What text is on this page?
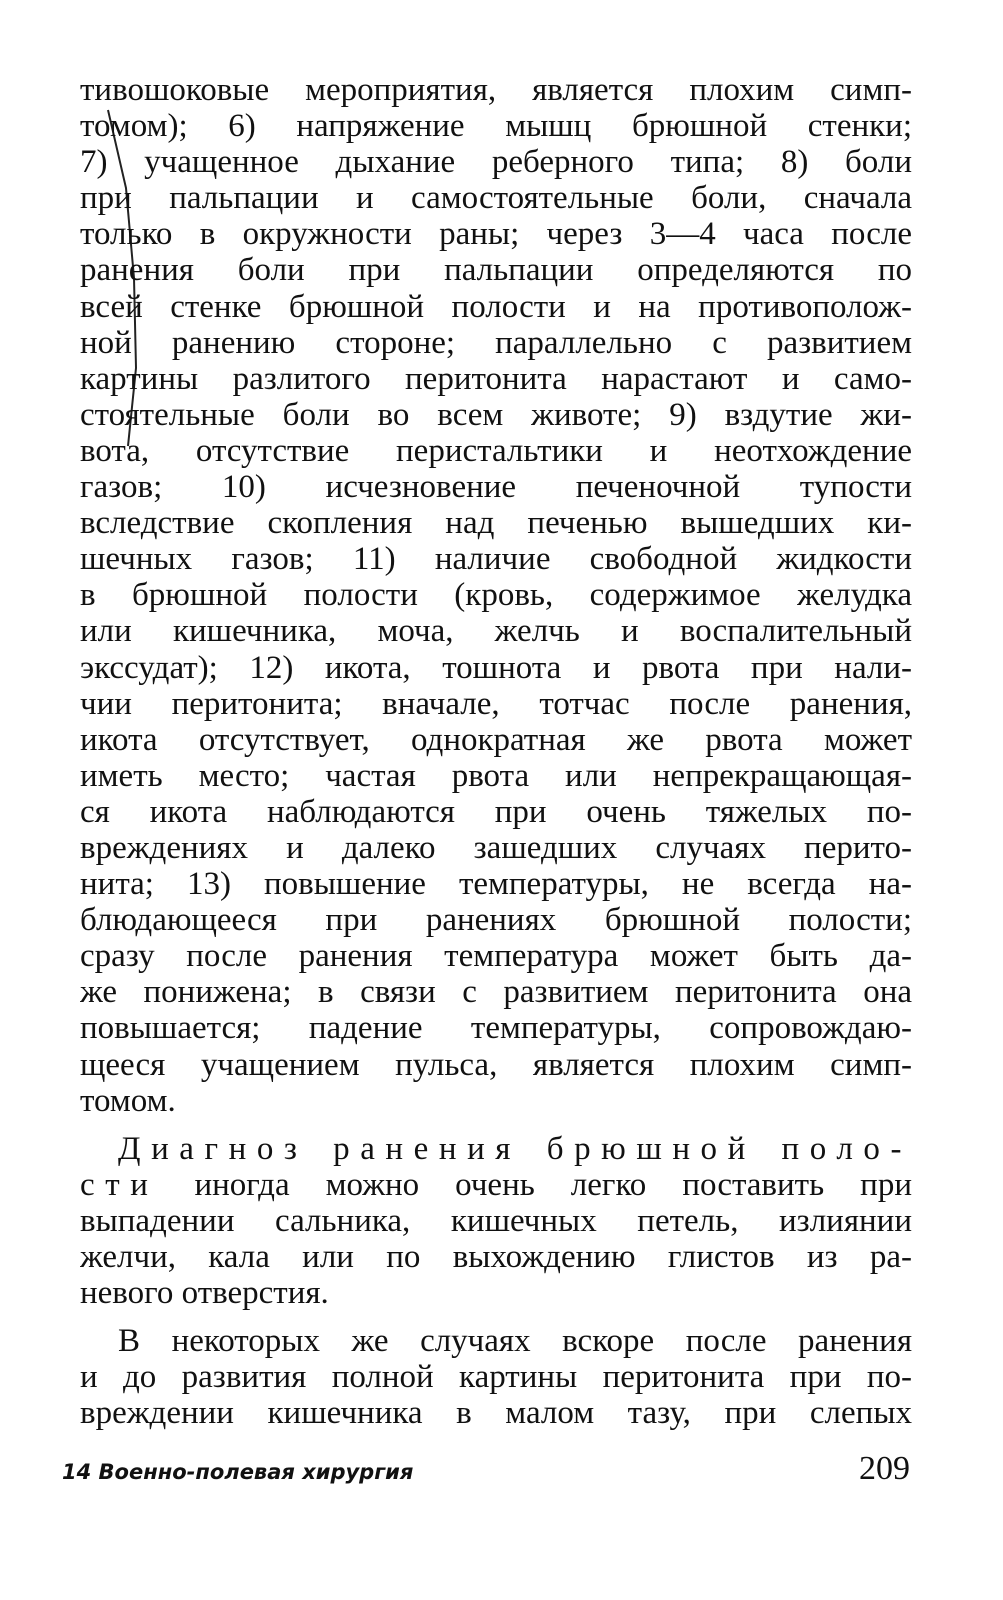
тивошоковые мероприятия, является плохим симп-
томом); 6) напряжение мышц брюшной стенки;
7) учащенное дыхание реберного типа; 8) боли
при пальпации и самостоятельные боли, сначала
только в окружности раны; через 3—4 часа после
ранения боли при пальпации определяются по
всей стенке брюшной полости и на противополож-
ной ранению стороне; параллельно с развитием
картины разлитого перитонита нарастают и само-
стоятельные боли во всем животе; 9) вздутие жи-
вота, отсутствие перистальтики и неотхождение
газов; 10) исчезновение печеночной тупости
вследствие скопления над печенью вышедших ки-
шечных газов; 11) наличие свободной жидкости
в брюшной полости (кровь, содержимое желудка
или кишечника, моча, желчь и воспалительный
экссудат); 12) икота, тошнота и рвота при нали-
чии перитонита; вначале, тотчас после ранения,
икота отсутствует, однократная же рвота может
иметь место; частая рвота или непрекращающая-
ся икота наблюдаются при очень тяжелых по-
вреждениях и далеко зашедших случаях перито-
нита; 13) повышение температуры, не всегда на-
блюдающееся при ранениях брюшной полости;
сразу после ранения температура может быть да-
же понижена; в связи с развитием перитонита она
повышается; падение температуры, сопровождаю-
щееся учащением пульса, является плохим симп-
томом.
Диагноз ранения брюшной поло-
сти иногда можно очень легко поставить при
выпадении сальника, кишечных петель, излиянии
желчи, кала или по выхождению глистов из ра-
невого отверстия.
В некоторых же случаях вскоре после ранения
и до развития полной картины перитонита при по-
вреждении кишечника в малом тазу, при слепых
14 Военно-полевая хирургия	209
